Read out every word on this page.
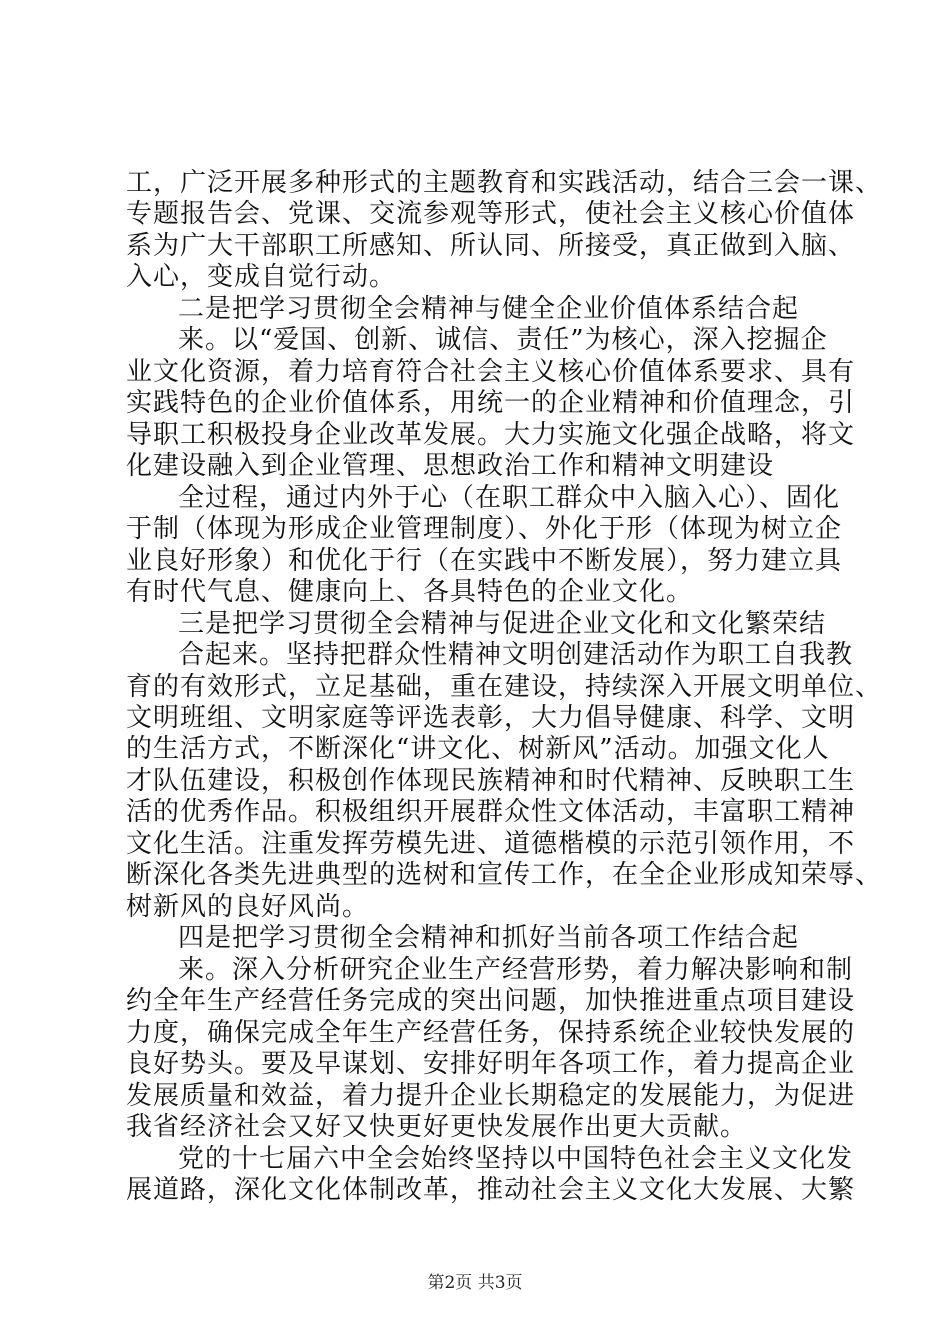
工，广泛开展多种形式的主题教育和实践活动，结合三会一课、
专题报告会、党课、交流参观等形式，使社会主义核心价值体
系为广大干部职工所感知、所认同、所接受，真正做到入脑、
入心，变成自觉行动。
二是把学习贯彻全会精神与健全企业价值体系结合起
来。以“爱国、创新、诚信、责任”为核心，深入挖掘企
业文化资源，着力培育符合社会主义核心价值体系要求、具有
实践特色的企业价值体系，用统一的企业精神和价值理念，引
导职工积极投身企业改革发展。大力实施文化强企战略，将文
化建设融入到企业管理、思想政治工作和精神文明建设
全过程，通过内外于心（在职工群众中入脑入心）、固化
于制（体现为形成企业管理制度）、外化于形（体现为树立企
业良好形象）和优化于行（在实践中不断发展），努力建立具
有时代气息、健康向上、各具特色的企业文化。
三是把学习贯彻全会精神与促进企业文化和文化繁荣结
合起来。坚持把群众性精神文明创建活动作为职工自我教
育的有效形式，立足基础，重在建设，持续深入开展文明单位、
文明班组、文明家庭等评选表彰，大力倡导健康、科学、文明
的生活方式，不断深化“讲文化、树新风”活动。加强文化人
才队伍建设，积极创作体现民族精神和时代精神、反映职工生
活的优秀作品。积极组织开展群众性文体活动，丰富职工精神
文化生活。注重发挥劳模先进、道德楷模的示范引领作用，不
断深化各类先进典型的选树和宣传工作，在全企业形成知荣辱、
树新风的良好风尚。
四是把学习贯彻全会精神和抓好当前各项工作结合起
来。深入分析研究企业生产经营形势，着力解决影响和制
约全年生产经营任务完成的突出问题，加快推进重点项目建设
力度，确保完成全年生产经营任务，保持系统企业较快发展的
良好势头。要及早谋划、安排好明年各项工作，着力提高企业
发展质量和效益，着力提升企业长期稳定的发展能力，为促进
我省经济社会又好又快更好更快发展作出更大贡献。
党的十七届六中全会始终坚持以中国特色社会主义文化发
展道路，深化文化体制改革，推动社会主义文化大发展、大繁
第2页 共3页
